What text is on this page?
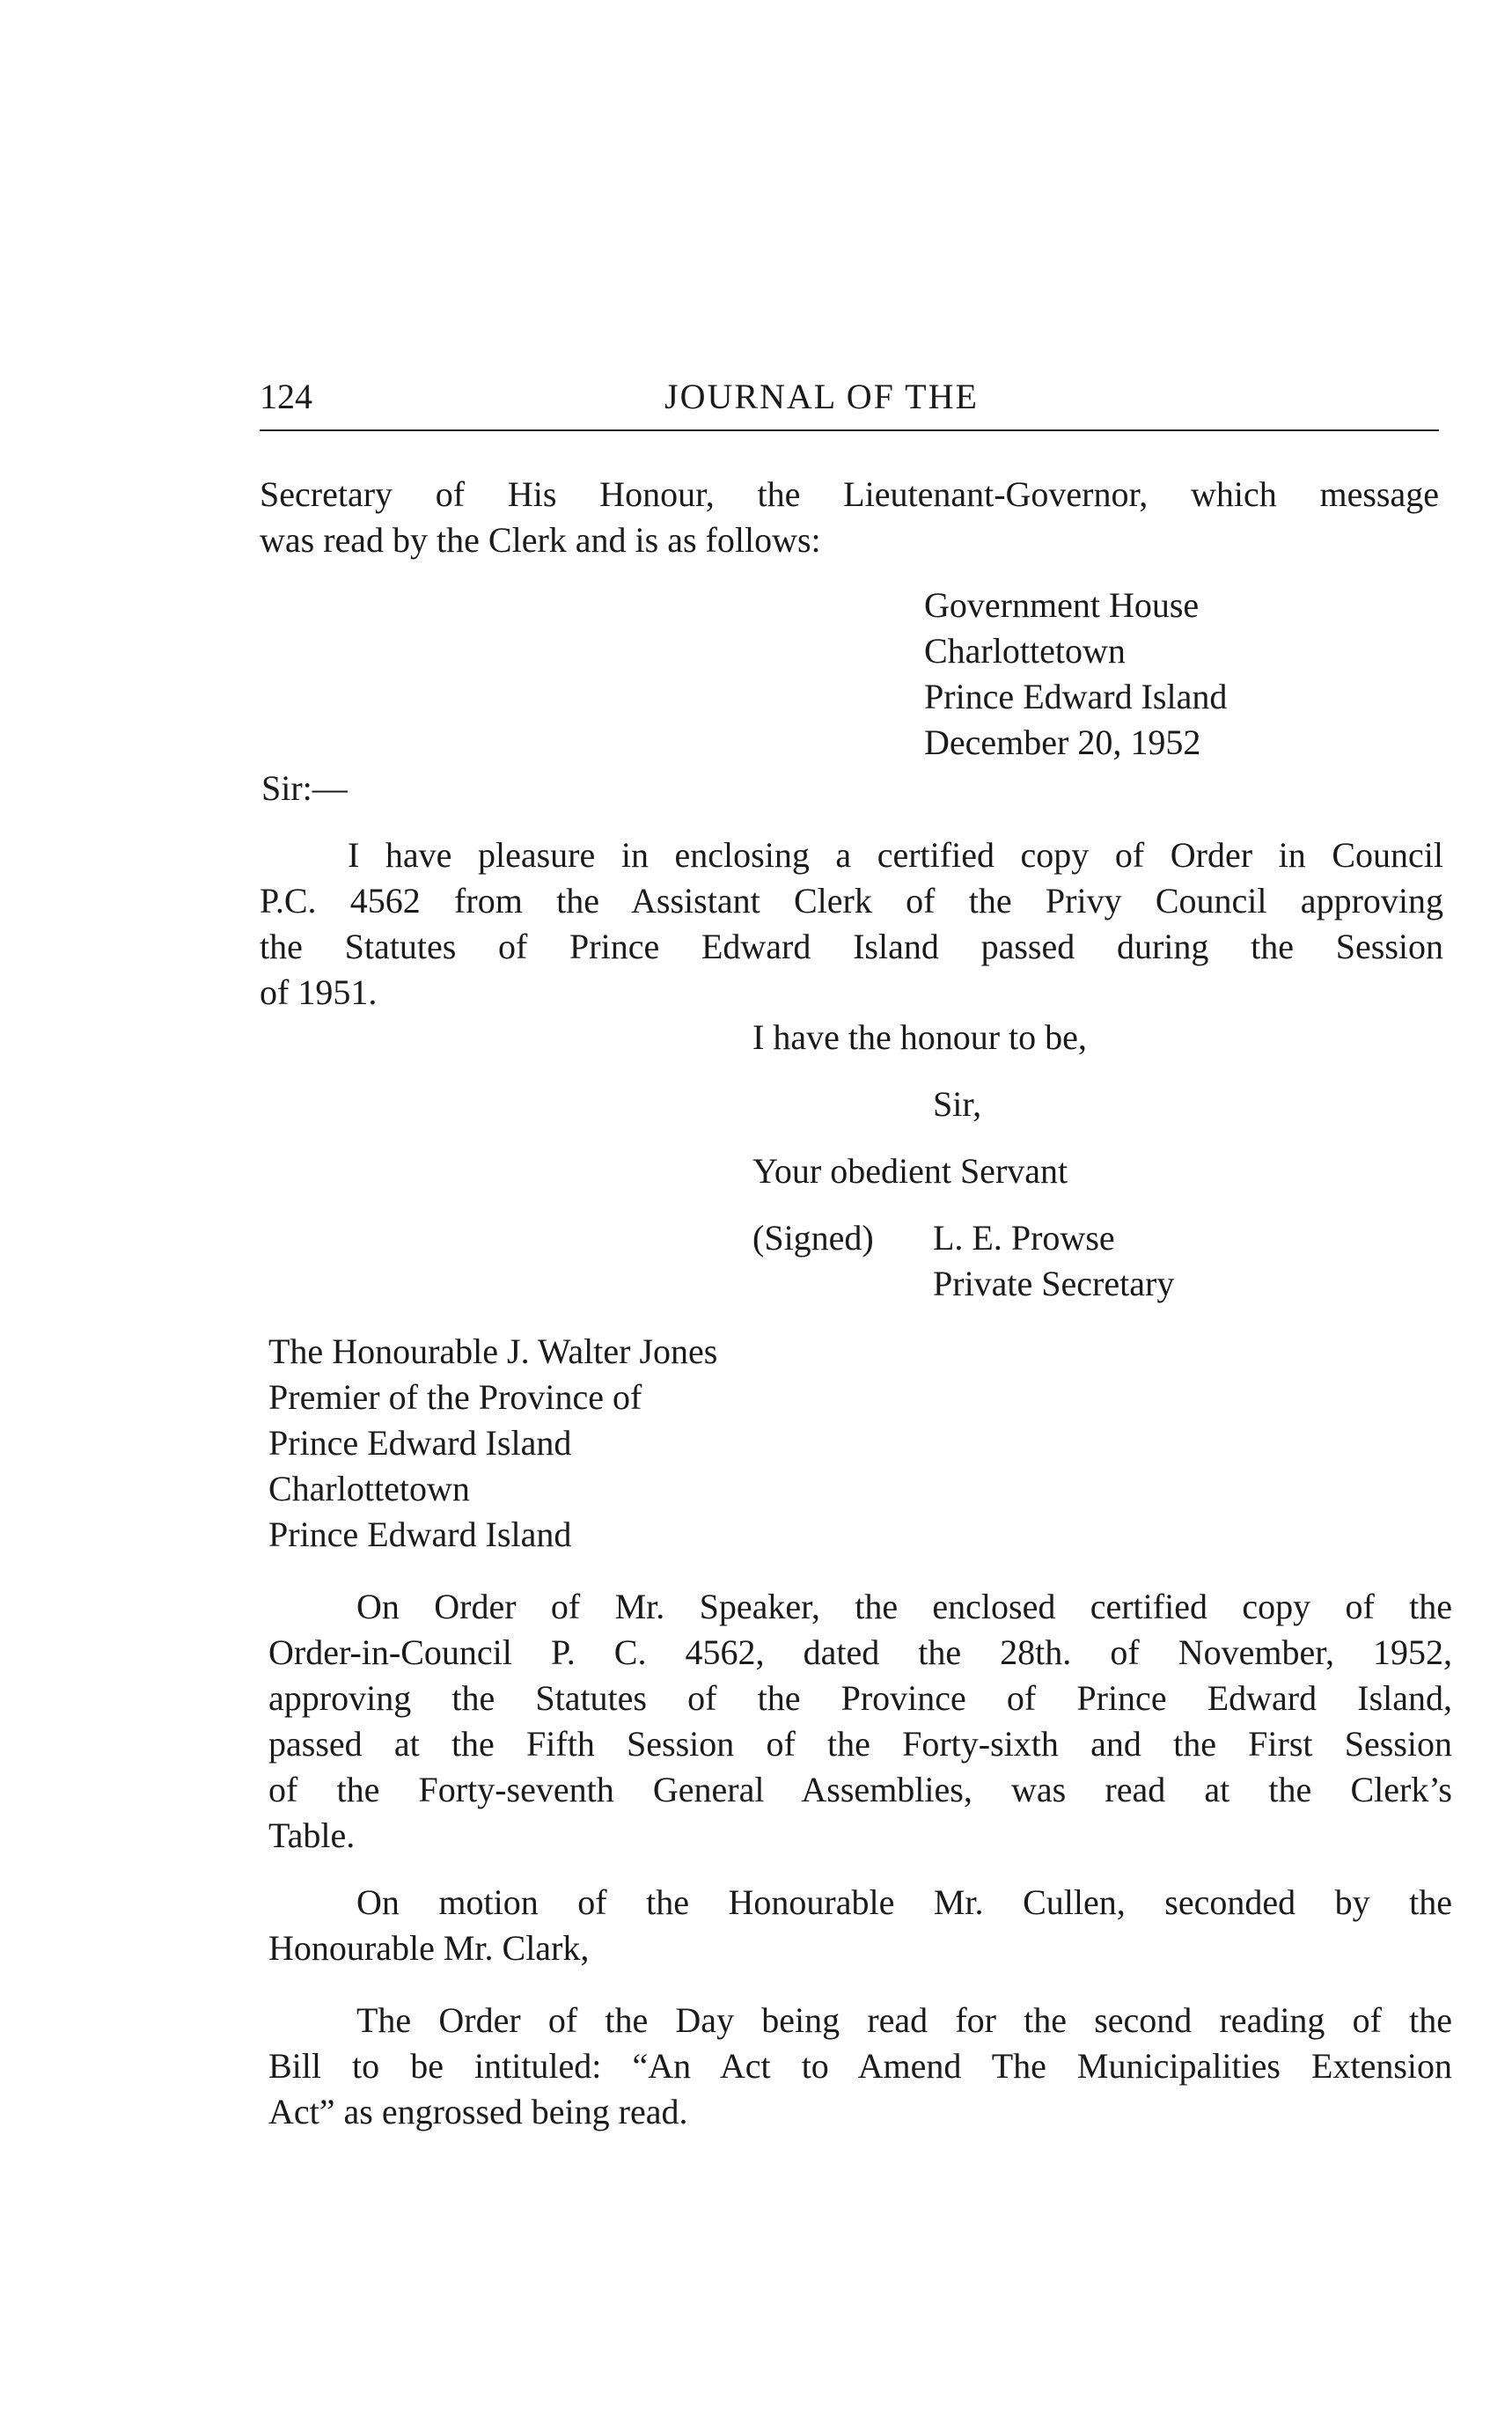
124	JOURNAL OF THE
Secretary of His Honour, the Lieutenant-Governor, which message
was read by the Clerk and is as follows:
Government House
Charlottetown
Prince Edward Island
December 20, 1952
Sir:—
I have pleasure in enclosing a certified copy of Order in Council
P.C. 4562 from the Assistant Clerk of the Privy Council approving
the Statutes of Prince Edward Island passed during the Session
of 1951.
I have the honour to be,
Sir,
Your obedient Servant
(Signed) L. E. Prowse
Private Secretary
The Honourable J. Walter Jones
Premier of the Province of
Prince Edward Island
Charlottetown
Prince Edward Island
On Order of Mr. Speaker, the enclosed certified copy of the
Order-in-Council P. C. 4562, dated the 28th. of November, 1952,
approving the Statutes of the Province of Prince Edward Island,
passed at the Fifth Session of the Forty-sixth and the First Session
of the Forty-seventh General Assemblies, was read at the Clerk’s
Table.
On motion of the Honourable Mr. Cullen, seconded by the
Honourable Mr. Clark,
The Order of the Day being read for the second reading of the
Bill to be intituled: “An Act to Amend The Municipalities Extension
Act” as engrossed being read.
